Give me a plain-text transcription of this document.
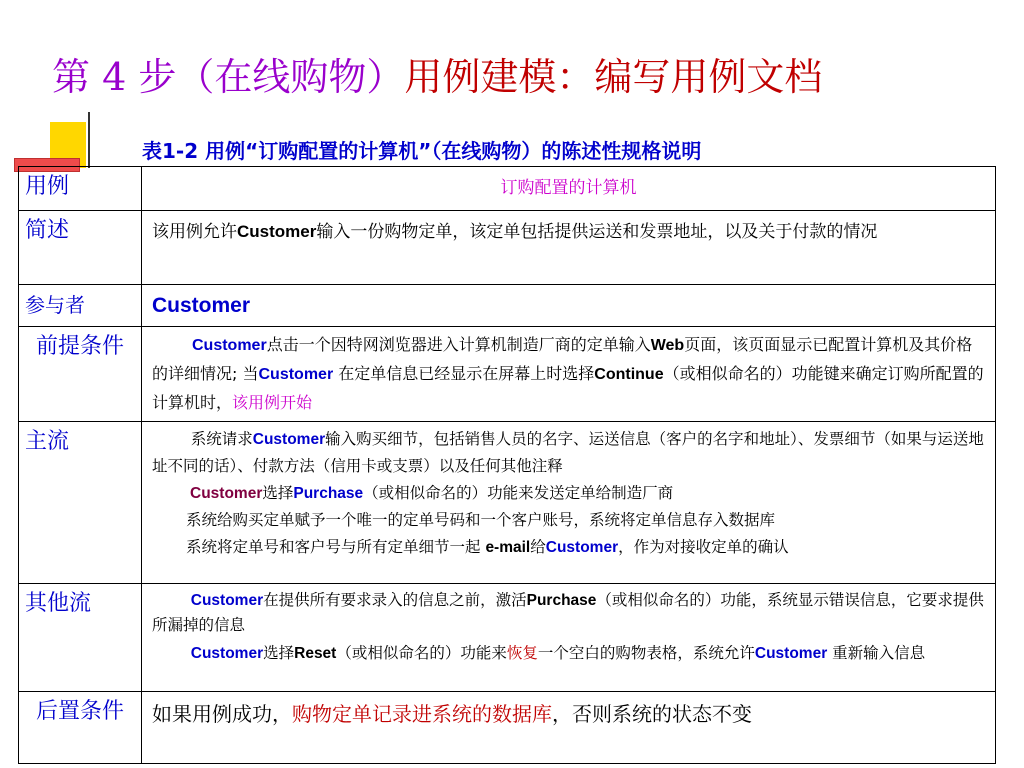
第 4 步（在线购物）用例建模：编写用例文档
表1-2 用例“订购配置的计算机”（在线购物）的陈述性规格说明
用例	订购配置的计算机
简述	该用例允许Customer输入一份购物定单，该定单包括提供运送和发票地址，以及关于付款的情况
参与者	Customer
前提条件	Customer点击一个因特网浏览器进入计算机制造厂商的定单输入Web页面，该页面显示已配置计算机及其价格的详细情况; 当Customer 在定单信息已经显示在屏幕上时选择Continue（或相似命名的）功能键来确定订购所配置的计算机时，该用例开始

主流	系统请求Customer输入购买细节，包括销售人员的名字、运送信息（客户的名字和地址）、发票细节（如果与运送地址不同的话）、付款方法（信用卡或支票）以及任何其他注释

Customer选择Purchase（或相似命名的）功能来发送定单给制造厂商

系统给购买定单赋予一个唯一的定单号码和一个客户账号，系统将定单信息存入数据库

系统将定单号和客户号与所有定单细节一起 e-mail给Customer，作为对接收定单的确认

其他流	Customer在提供所有要求录入的信息之前，激活Purchase（或相似命名的）功能，系统显示错误信息，它要求提供所漏掉的信息

Customer选择Reset（或相似命名的）功能来恢复一个空白的购物表格，系统允许Customer 重新输入信息

后置条件	如果用例成功，购物定单记录进系统的数据库，否则系统的状态不变
